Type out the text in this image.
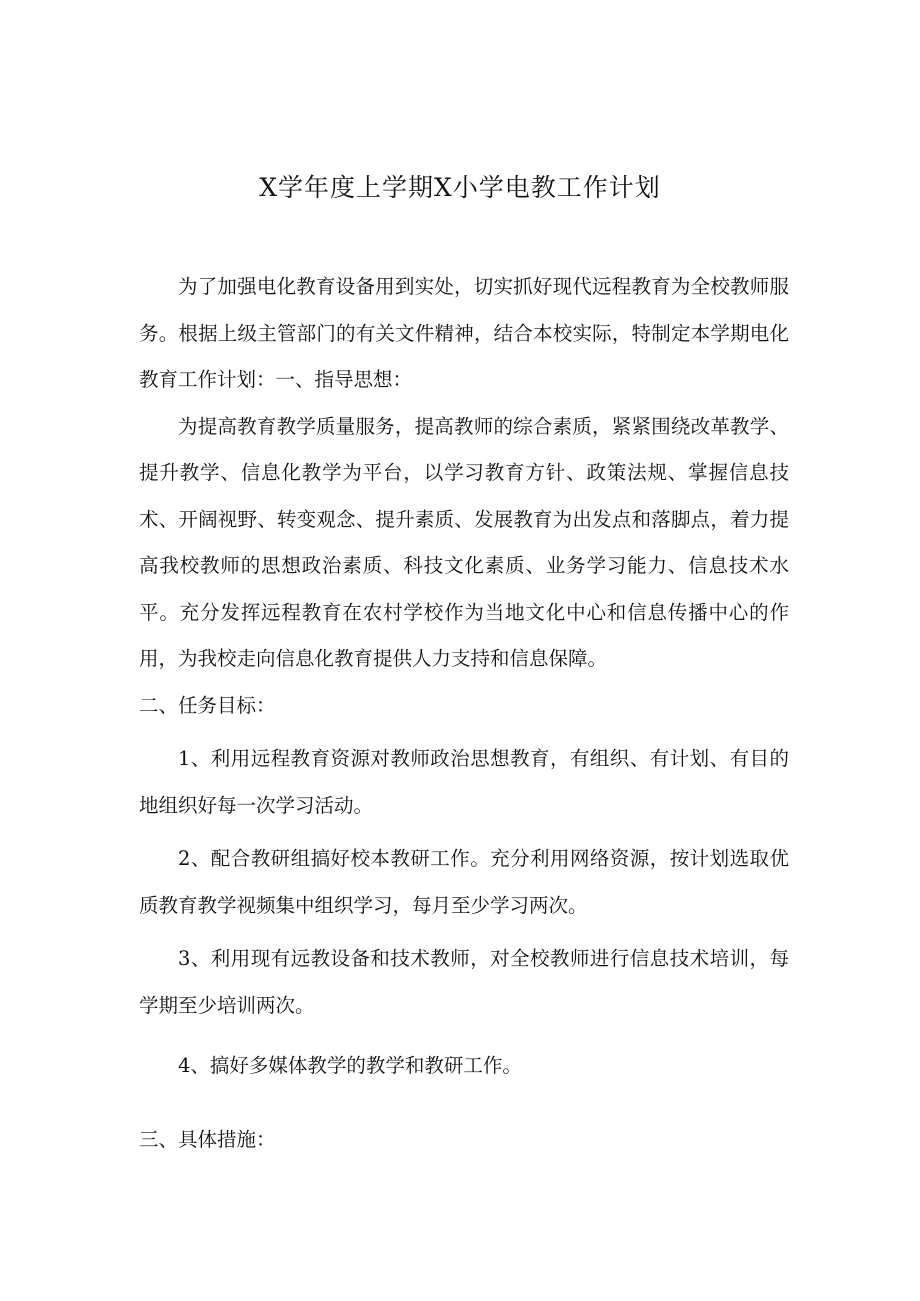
X学年度上学期X小学电教工作计划

为了加强电化教育设备用到实处，切实抓好现代远程教育为全校教师服务。根据上级主管部门的有关文件精神，结合本校实际，特制定本学期电化教育工作计划：一、指导思想：

为提高教育教学质量服务，提高教师的综合素质，紧紧围绕改革教学、提升教学、信息化教学为平台，以学习教育方针、政策法规、掌握信息技术、开阔视野、转变观念、提升素质、发展教育为出发点和落脚点，着力提高我校教师的思想政治素质、科技文化素质、业务学习能力、信息技术水平。充分发挥远程教育在农村学校作为当地文化中心和信息传播中心的作用，为我校走向信息化教育提供人力支持和信息保障。

二、任务目标：

1、利用远程教育资源对教师政治思想教育，有组织、有计划、有目的地组织好每一次学习活动。

2、配合教研组搞好校本教研工作。充分利用网络资源，按计划选取优质教育教学视频集中组织学习，每月至少学习两次。

3、利用现有远教设备和技术教师，对全校教师进行信息技术培训，每学期至少培训两次。

4、搞好多媒体教学的教学和教研工作。

三、具体措施：
